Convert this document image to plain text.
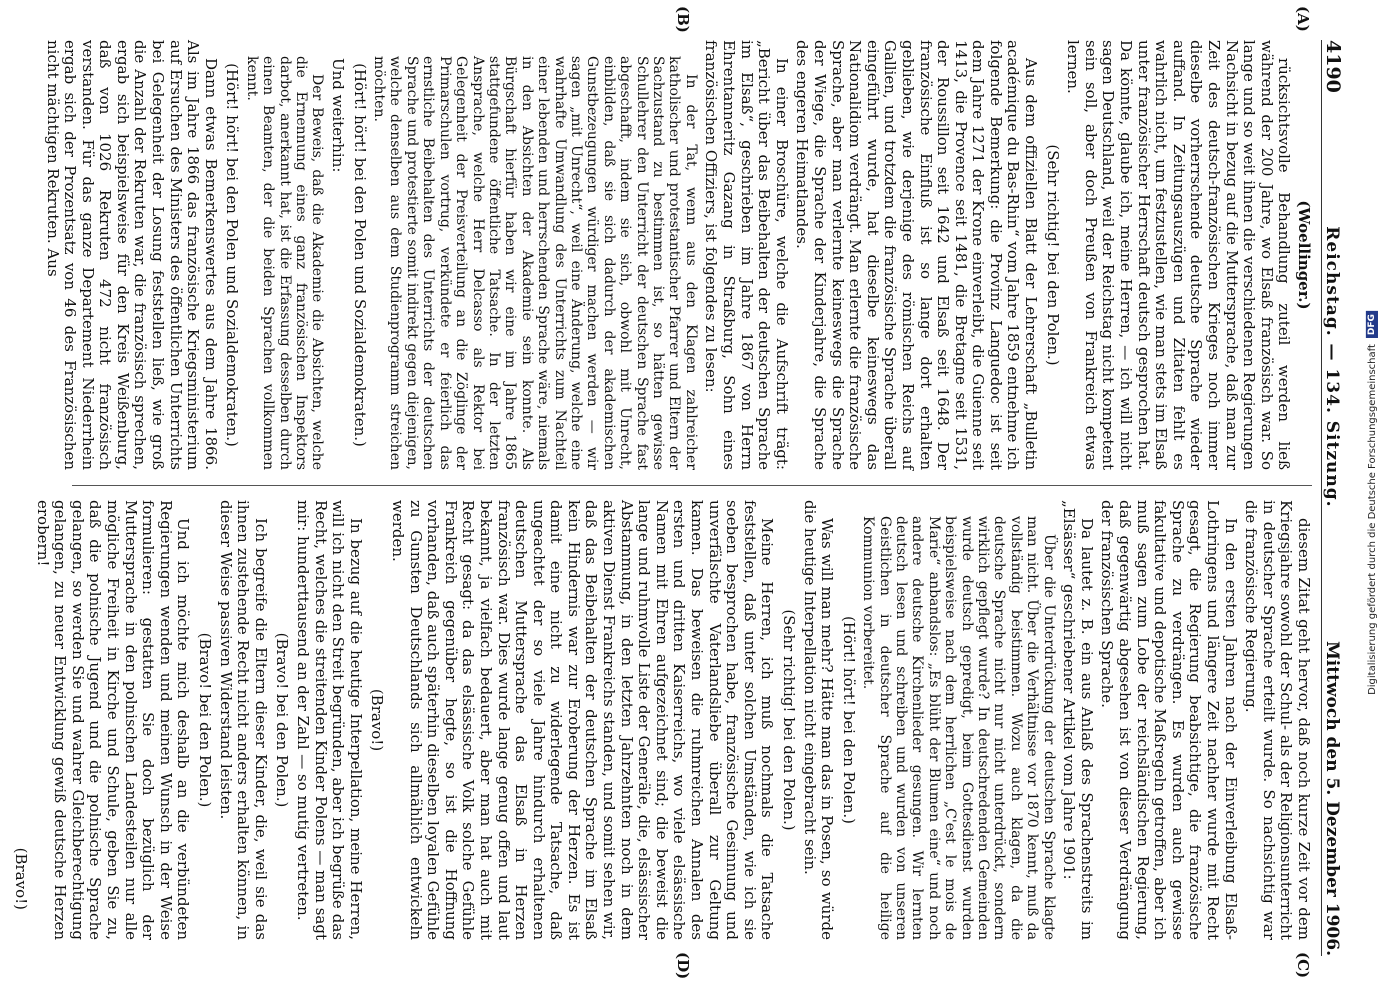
4190
Reichstag. — 134. Sitzung.
Mittwoch den 5. Dezember 1906.
(A)
(B)
(C)
(D)

(Woellinger.)

rücksichtsvolle Behandlung zuteil werden ließ während der 200 Jahre, wo Elsaß französisch war. So lange und so weit ihnen die verschiedenen Regierungen Nachsicht in bezug auf die Muttersprache, daß man zur Zeit des deutsch-französischen Krieges noch immer dieselbe vorherrschende deutsche Sprache wieder auffand. In Zeitungsauszügen und Zitaten fehlt es wahrlich nicht, um festzustellen, wie man stets im Elsaß unter französischer Herrschaft deutsch gesprochen hat. Da könnte, glaube ich, meine Herren, — ich will nicht sagen Deutschland, weil der Reichstag nicht kompetent sein soll, aber doch Preußen von Frankreich etwas lernen.

(Sehr richtig! bei den Polen.)

Aus dem offiziellen Blatt der Lehrerschaft „Bulletin académique du Bas-Rhin“ vom Jahre 1859 entnehme ich folgende Bemerkung: die Provinz Languedoc ist seit dem Jahre 1271 der Krone einverleibt, die Guienne seit 1413, die Provence seit 1481, die Bretagne seit 1531, der Roussillon seit 1642 und Elsaß seit 1648. Der französische Einfluß ist so lange dort erhalten geblieben, wie derjenige des römischen Reichs auf Gallien, und trotzdem die französische Sprache überall eingeführt wurde, hat dieselbe keineswegs das Nationalidiom verdrängt. Man erlernte die französische Sprache, aber man verlernte keineswegs die Sprache der Wiege, die Sprache der Kinderjahre, die Sprache des engeren Heimatlandes.

In einer Broschüre, welche die Aufschrift trägt: „Bericht über das Beibehalten der deutschen Sprache im Elsaß“, geschrieben im Jahre 1867 von Herrn Ehrentanneritz Gazang in Straßburg, Sohn eines französischen Offiziers, ist folgendes zu lesen:

In der Tat, wenn aus den Klagen zahlreicher katholischer und protestantischer Pfarrer und Eltern der Sachzustand zu bestimmen ist, so hätten gewisse Schullehrer den Unterricht der deutschen Sprache fast abgeschafft, indem sie sich, obwohl mit Unrecht, einbilden, daß sie sich dadurch der akademischen Gunstbezeugungen würdiger machen werden — wir sagen „mit Unrecht“, weil eine Änderung, welche eine wahrhafte Umwandlung des Unterrichts zum Nachteil einer lebenden und herrschenden Sprache wäre, niemals in den Absichten der Akademie sein konnte. Als Bürgschaft hierfür haben wir eine im Jahre 1865 stattgefundene öffentliche Tatsache. In der letzten Ansprache, welche Herr Delcasso als Rektor bei Gelegenheit der Preisverteilung an die Zöglinge der Primarschulen vortrug, verkündete er feierlich das ernstliche Beibehalten des Unterrichts der deutschen Sprache und protestierte somit indirekt gegen diejenigen, welche denselben aus dem Studienprogramm streichen möchten.

(Hört! hört! bei den Polen und Sozialdemokraten.)

Und weiterhin:

Der Beweis, daß die Akademie die Absichten, welche die Ernennung eines ganz französischen Inspektors darbot, anerkannt hat, ist die Erfassung desselben durch einen Beamten, der die beiden Sprachen vollkommen kennt.

(Hört! hört! bei den Polen und Sozialdemokraten.)

Dann etwas Bemerkenswertes aus dem Jahre 1866. Als im Jahre 1866 das französische Kriegsministerium auf Ersuchen des Ministers des öffentlichen Unterrichts bei Gelegenheit der Losung feststellen ließ, wie groß die Anzahl der Rekruten war, die französisch sprechen, ergab sich beispielsweise für den Kreis Weißenburg, daß von 1026 Rekruten 472 nicht französisch verstanden. Für das ganze Departement Niederrhein ergab sich der Prozentsatz von 46 des Französischen nicht mächtigen Rekruten. Aus

diesem Zitat geht hervor, daß noch kurze Zeit vor dem Kriegsjahre sowohl der Schul- als der Religionsunterricht in deutscher Sprache erteilt wurde. So nachsichtig war die französische Regierung.

In den ersten Jahren nach der Einverleibung Elsaß-Lothringens und längere Zeit nachher wurde mit Recht gesagt, die Regierung beabsichtige, die französische Sprache zu verdrängen. Es wurden auch gewisse fakultative und depotische Maßregeln getroffen, aber ich muß sagen zum Lobe der reichsländischen Regierung, daß gegenwärtig abgesehen ist von dieser Verdrängung der französischen Sprache.

Da lautet z. B. ein aus Anlaß des Sprachenstreits im „Elsässer“ geschriebener Artikel vom Jahre 1901:

Über die Unterdrückung der deutschen Sprache klagte man nicht. Über die Verhältnisse vor 1870 kennt, muß da vollständig beistimmen. Wozu auch klagen, da die deutsche Sprache nicht nur nicht unterdrückt, sondern wirklich gepflegt wurde? In deutschredenden Gemeinden wurde deutsch gepredigt, beim Gottesdienst wurden beispielsweise nach dem herrlichen „C'est le mois de Marie“ anbandslos: „Es blüht der Blumen eine“ und noch andere deutsche Kirchenlieder gesungen. Wir lernten deutsch lesen und schreiben und wurden von unseren Geistlichen in deutscher Sprache auf die heilige Kommunion vorbereitet.

(Hört! hört! bei den Polen.)

Was will man mehr? Hätte man das in Posen, so würde die heutige Interpellation nicht eingebracht sein.

(Sehr richtig! bei den Polen.)

Meine Herren, ich muß nochmals die Tatsache feststellen, daß unter solchen Umständen, wie ich sie soeben besprochen habe, französische Gesinnung und unverfälschte Vaterlandsliebe überall zur Geltung kamen. Das beweisen die ruhmreichen Annalen des ersten und dritten Kaiserreichs, wo viele elsässische Namen mit Ehren aufgezeichnet sind; die beweist die lange und ruhmvolle Liste der Generäle, die, elsässischer Abstammung, in den letzten Jahrzehnten noch in dem aktiven Dienst Frankreichs standen, und somit sehen wir, daß das Beibehalten der deutschen Sprache im Elsaß kein Hindernis war zur Eroberung der Herzen. Es ist damit eine nicht zu widerlegende Tatsache, daß ungeachtet der so viele Jahre hindurch erhaltenen deutschen Muttersprache das Elsaß in Herzen französisch war. Dies wurde lange genug offen und laut bekannt, ja vielfach bedauert, aber man hat auch mit Recht gesagt: da das elsässische Volk solche Gefühle Frankreich gegenüber hegte, so ist die Hoffnung vorhanden, daß auch späterhin dieselben loyalen Gefühle zu Gunsten Deutschlands sich allmählich entwickeln werden.

(Bravo!)

In bezug auf die heutige Interpellation, meine Herren, will ich nicht den Streit begründen, aber ich begrüße das Recht, welches die streitenden Kinder Polens — man sagt mir: hunderttausend an der Zahl — so mutig vertreten.

(Bravo! bei den Polen.)

Ich begreife die Eltern dieser Kinder, die, weil sie das ihnen zustehende Recht nicht anders erhalten können, in dieser Weise passiven Widerstand leisten.

(Bravo! bei den Polen.)

Und ich möchte mich deshalb an die verbündeten Regierungen wenden und meinen Wunsch in der Weise formulieren: gestatten Sie doch bezüglich der Muttersprache in den polnischen Landesteilen nur alle mögliche Freiheit in Kirche und Schule, geben Sie zu, daß die polnische Jugend und die polnische Sprache gelangen, so werden Sie und wahrer Gleichberechtigung gelangen, zu neuer Entwicklung gewiß deutsche Herzen erobern!

(Bravo!)

Digitalisierung gefördert durch die Deutsche Forschungsgemeinschaft
DFG
